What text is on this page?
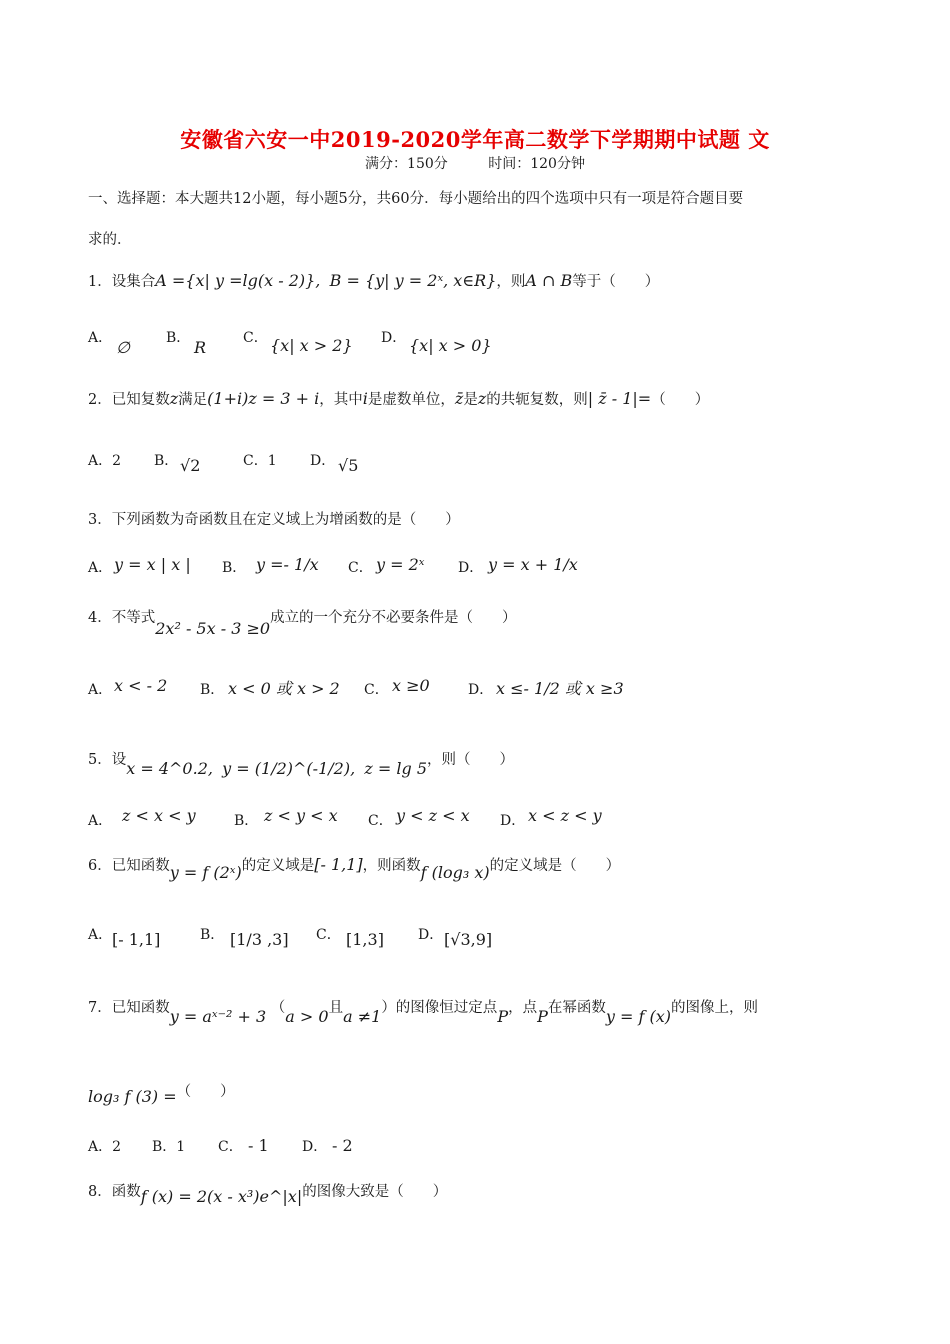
安徽省六安一中2019-2020学年高二数学下学期期中试题 文
满分：150分	时间：120分钟
一、选择题：本大题共12小题，每小题5分，共60分．每小题给出的四个选项中只有一项是符合题目要
求的．
1．设集合A ={x| y =lg(x - 2)}, B = {y| y = 2ˣ, x∈R}，则A ∩ B等于（　　）
A． ∅	B． R	C． {x| x > 2} D． {x| x > 0}
2．已知复数z满足(1+i)z = 3 + i，其中i是虚数单位，z̄是z的共轭复数，则| z̄ - 1|=（　　）
A．2 B． √2	C．1 D． √5
3．下列函数为奇函数且在定义域上为增函数的是（　　）
A． y = x | x | B． y =- 1/x C． y = 2ˣ D． y = x + 1/x
4．不等式2x² - 5x - 3 ≥0成立的一个充分不必要条件是（　　）
A． x < - 2 B． x < 0 或 x > 2 C． x ≥0	D． x ≤- 1/2 或 x ≥3
5．设x = 4^0.2, y = (1/2)^(-1/2), z = lg 5，则（　　）
A． z < x < y	B． z < y < x C． y < z < x D． x < z < y
6．已知函数y = f (2ˣ)的定义域是[- 1,1]，则函数f (log₃ x)的定义域是（　　）
A． [- 1,1]	B． [1/3 ,3] C． [1,3] D． [√3,9]
7．已知函数y = aˣ⁻² + 3 （a > 0且a ≠1）的图像恒过定点P，点P在幂函数y = f (x)的图像上，则
log₃ f (3) =（　　）
A．2 B．1 C． - 1 D． - 2
8．函数f (x) = 2(x - x³)e^|x|的图像大致是（　　）
